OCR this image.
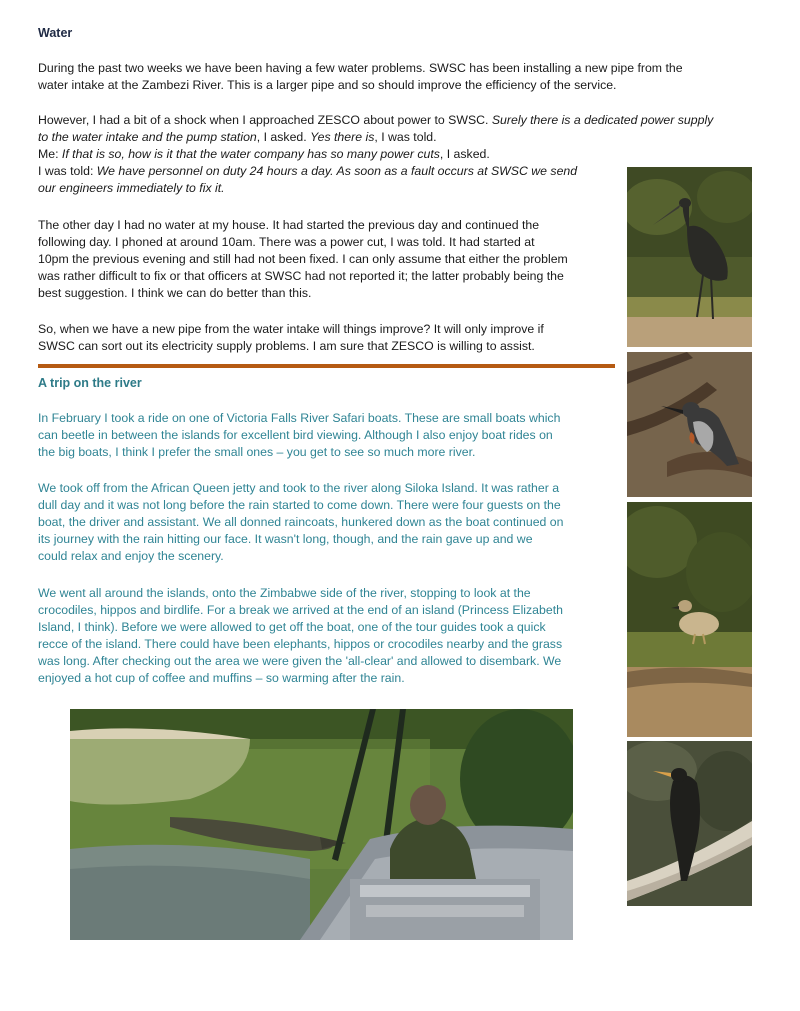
Water

During the past two weeks we have been having a few water problems. SWSC has been installing a new pipe from the
water intake at the Zambezi River. This is a larger pipe and so should improve the efficiency of the service.

However, I had a bit of a shock when I approached ZESCO about power to SWSC. Surely there is a dedicated power supply
to the water intake and the pump station, I asked. Yes there is, I was told.
Me: If that is so, how is it that the water company has so many power cuts, I asked.
I was told: We have personnel on duty 24 hours a day. As soon as a fault occurs at SWSC we send
our engineers immediately to fix it.

The other day I had no water at my house. It had started the previous day and continued the
following day. I phoned at around 10am. There was a power cut, I was told. It had started at
10pm the previous evening and still had not been fixed. I can only assume that either the problem
was rather difficult to fix or that officers at SWSC had not reported it; the latter probably being the
best suggestion. I think we can do better than this.

So, when we have a new pipe from the water intake will things improve? It will only improve if
SWSC can sort out its electricity supply problems. I am sure that ZESCO is willing to assist.

A trip on the river

In February I took a ride on one of Victoria Falls River Safari boats. These are small boats which
can beetle in between the islands for excellent bird viewing. Although I also enjoy boat rides on
the big boats, I think I prefer the small ones – you get to see so much more river.

We took off from the African Queen jetty and took to the river along Siloka Island. It was rather a
dull day and it was not long before the rain started to come down. There were four guests on the
boat, the driver and assistant. We all donned raincoats, hunkered down as the boat continued on
its journey with the rain hitting our face. It wasn't long, though, and the rain gave up and we
could relax and enjoy the scenery.

We went all around the islands, onto the Zimbabwe side of the river, stopping to look at the
crocodiles, hippos and birdlife. For a break we arrived at the end of an island (Princess Elizabeth
Island, I think). Before we were allowed to get off the boat, one of the tour guides took a quick
recce of the island. There could have been elephants, hippos or crocodiles nearby and the grass
was long. After checking out the area we were given the 'all-clear' and allowed to disembark. We
enjoyed a hot cup of coffee and muffins – so warming after the rain.
